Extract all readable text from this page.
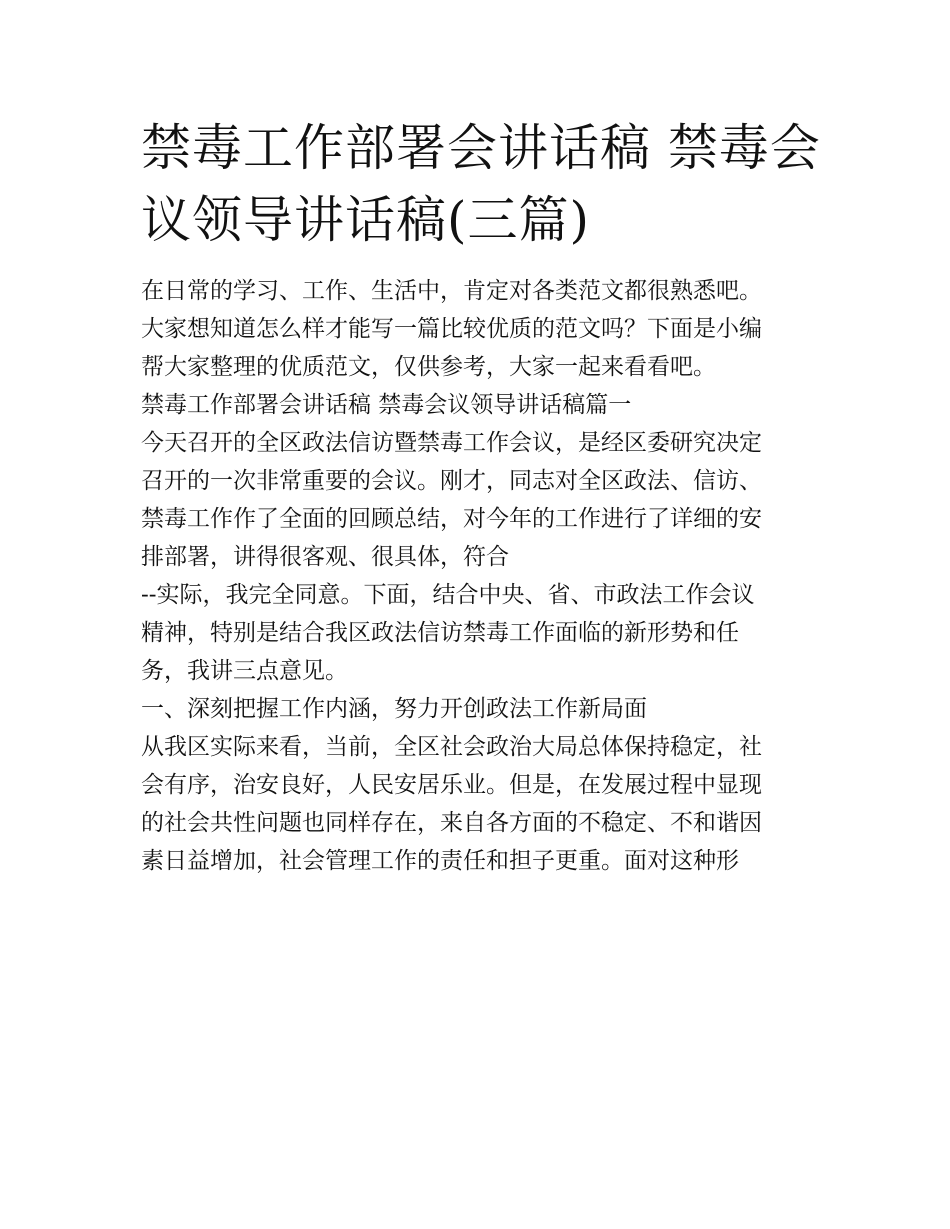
禁毒工作部署会讲话稿 禁毒会
议领导讲话稿(三篇)
在日常的学习、工作、生活中，肯定对各类范文都很熟悉吧。
大家想知道怎么样才能写一篇比较优质的范文吗？下面是小编
帮大家整理的优质范文，仅供参考，大家一起来看看吧。
禁毒工作部署会讲话稿 禁毒会议领导讲话稿篇一
今天召开的全区政法信访暨禁毒工作会议，是经区委研究决定
召开的一次非常重要的会议。刚才，同志对全区政法、信访、
禁毒工作作了全面的回顾总结，对今年的工作进行了详细的安
排部署，讲得很客观、很具体，符合
--实际，我完全同意。下面，结合中央、省、市政法工作会议
精神，特别是结合我区政法信访禁毒工作面临的新形势和任
务，我讲三点意见。
一、深刻把握工作内涵，努力开创政法工作新局面
从我区实际来看，当前，全区社会政治大局总体保持稳定，社
会有序，治安良好，人民安居乐业。但是，在发展过程中显现
的社会共性问题也同样存在，来自各方面的不稳定、不和谐因
素日益增加，社会管理工作的责任和担子更重。面对这种形
